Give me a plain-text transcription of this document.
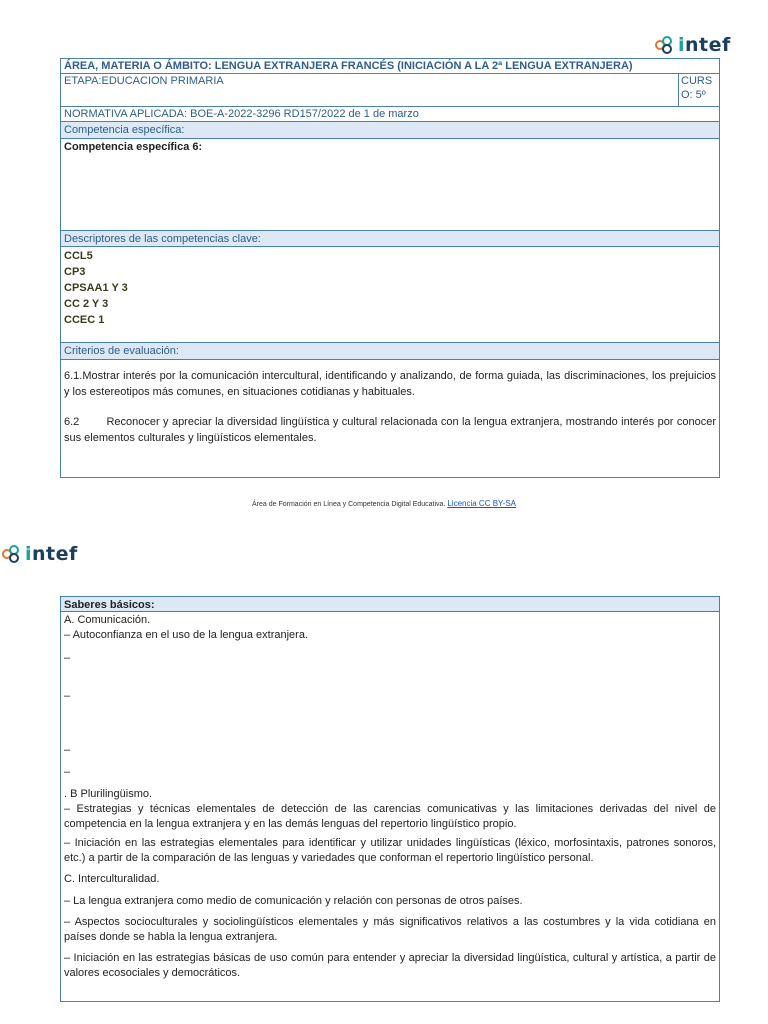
intef
ÁREA, MATERIA O ÁMBITO: LENGUA EXTRANJERA FRANCÉS (INICIACIÓN A LA 2ª LENGUA EXTRANJERA)
ETAPA:EDUCACION PRIMARIA	CURS
O: 5º
NORMATIVA APLICADA: BOE-A-2022-3296 RD157/2022 de 1 de marzo
Competencia específica:
Competencia específica 6:
Descriptores de las competencias clave:
CCL5
CP3
CPSAA1 Y 3
CC 2 Y 3
CCEC 1
Criterios de evaluación:
6.1.Mostrar interés por la comunicación intercultural, identificando y analizando, de forma guiada, las discriminaciones, los prejuicios y los estereotipos más comunes, en situaciones cotidianas y habituales.
6.2        Reconocer y apreciar la diversidad lingüística y cultural relacionada con la lengua extranjera, mostrando interés por conocer sus elementos culturales y lingüísticos elementales.
Área de Formación en Línea y Competencia Digital Educativa. Licencia CC BY-SA
intef
Saberes básicos:

A. Comunicación.

– Autoconfianza en el uso de la lengua extranjera.

–

–

–

–

. B Plurilingüismo.

– Estrategias y técnicas elementales de detección de las carencias comunicativas y las limitaciones derivadas del nivel de competencia en la lengua extranjera y en las demás lenguas del repertorio lingüístico propio.

– Iniciación en las estrategias elementales para identificar y utilizar unidades lingüísticas (léxico, morfosintaxis, patrones sonoros, etc.) a partir de la comparación de las lenguas y variedades que conforman el repertorio lingüístico personal.

C. Interculturalidad.

– La lengua extranjera como medio de comunicación y relación con personas de otros países.

– Aspectos socioculturales y sociolingüísticos elementales y más significativos relativos a las costumbres y la vida cotidiana en países donde se habla la lengua extranjera.

– Iniciación en las estrategias básicas de uso común para entender y apreciar la diversidad lingüística, cultural y artística, a partir de valores ecosociales y democráticos.
